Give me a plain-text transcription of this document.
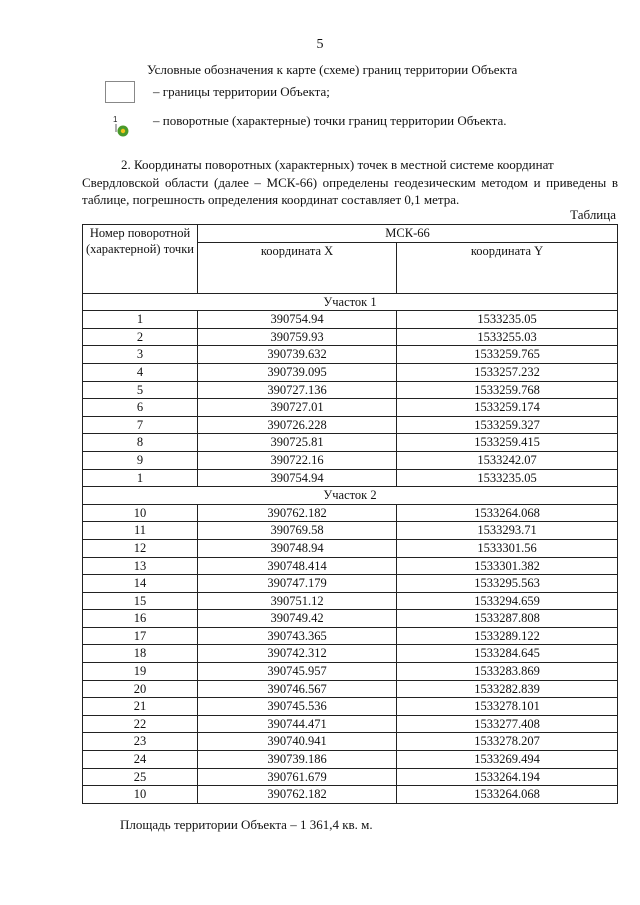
5
Условные обозначения к карте (схеме) границ территории Объекта
– границы территории Объекта;
1	– поворотные (характерные) точки границ территории Объекта.
2. Координаты поворотных (характерных) точек в местной системе координат
Свердловской области (далее – МСК-66) определены геодезическим методом и приведены в таблице, погрешность определения координат составляет 0,1 метра.
Таблица
Номер поворотной (характерной) точки	МСК-66	
	координата X	координата Y
Участок 1		
1	390754.94	1533235.05
2	390759.93	1533255.03
3	390739.632	1533259.765
4	390739.095	1533257.232
5	390727.136	1533259.768
6	390727.01	1533259.174
7	390726.228	1533259.327
8	390725.81	1533259.415
9	390722.16	1533242.07
1	390754.94	1533235.05
Участок 2		
10	390762.182	1533264.068
11	390769.58	1533293.71
12	390748.94	1533301.56
13	390748.414	1533301.382
14	390747.179	1533295.563
15	390751.12	1533294.659
16	390749.42	1533287.808
17	390743.365	1533289.122
18	390742.312	1533284.645
19	390745.957	1533283.869
20	390746.567	1533282.839
21	390745.536	1533278.101
22	390744.471	1533277.408
23	390740.941	1533278.207
24	390739.186	1533269.494
25	390761.679	1533264.194
10	390762.182	1533264.068
Площадь территории Объекта – 1 361,4 кв. м.
